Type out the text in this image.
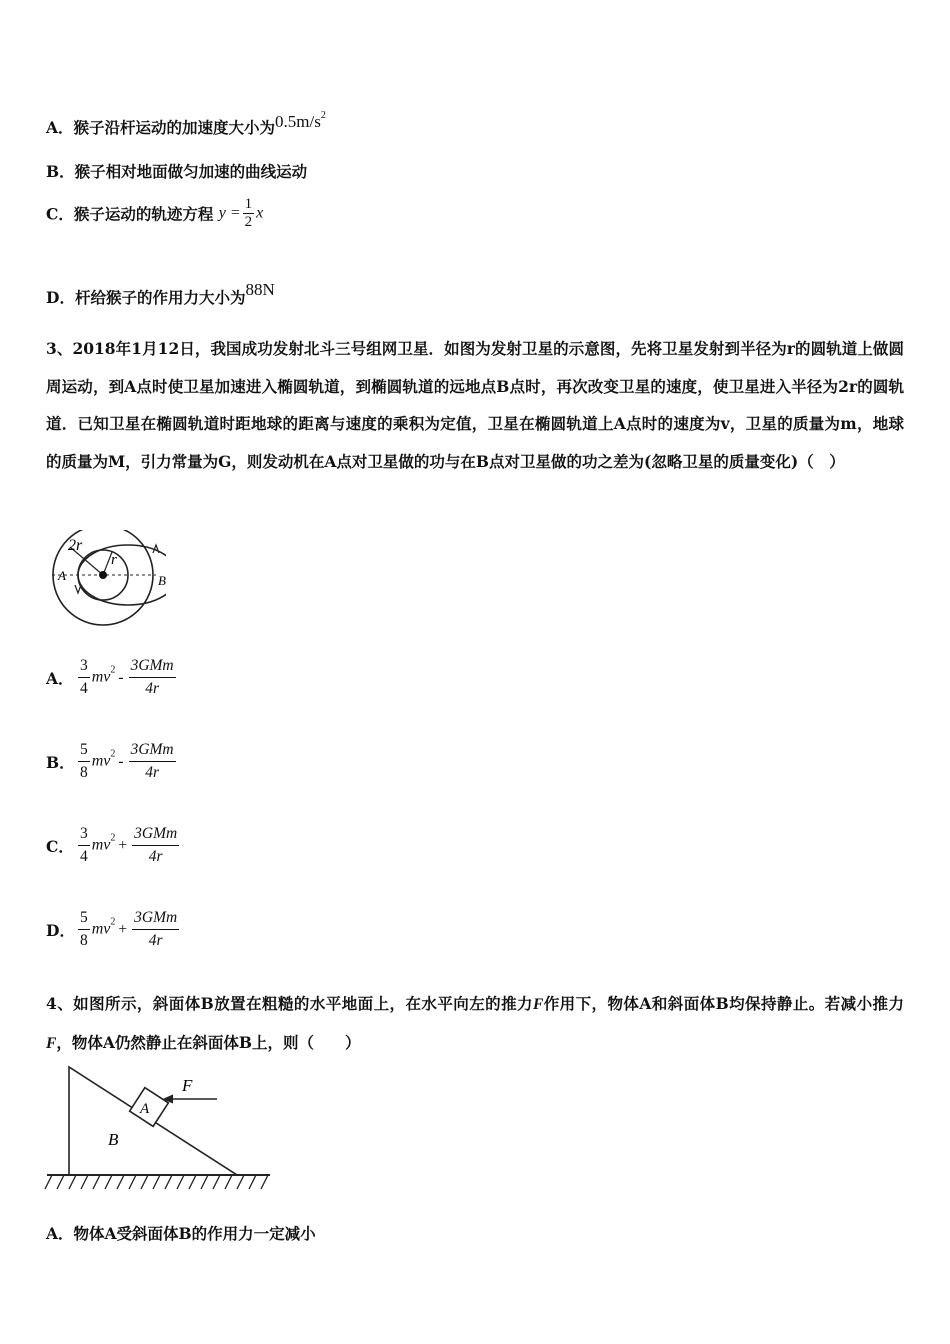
A．猴子沿杆运动的加速度大小为$0.5m/s^2$
B．猴子相对地面做匀加速的曲线运动
C．猴子运动的轨迹方程 $y = \frac{1}{2}$ x
D．杆给猴子的作用力大小为88N
3、2018年1月12日，我国成功发射北斗三号组网卫星．如图为发射卫星的示意图，先将卫星发射到半径为r的圆轨道上做圆周运动，到A点时使卫星加速进入椭圆轨道，到椭圆轨道的远地点B点时，再次改变卫星的速度，使卫星进入半径为2r的圆轨道．已知卫星在椭圆轨道时距地球的距离与速度的乘积为定值，卫星在椭圆轨道上A点时的速度为v，卫星的质量为m，地球的质量为M，引力常量为G，则发动机在A点对卫星做的功与在B点对卫星做的功之差为(忽略卫星的质量变化)（　）
2r
r
A	B
A． $\frac{3}{4} mv^2 - \frac{\text{3GMm}}{4r}$
B． $\frac{5}{8} mv^2 - \frac{\text{3GMm}}{4r}$
C． $\frac{3}{4} mv^2 + \frac{\text{3GMm}}{4r}$
D． $\frac{5}{8} mv^2 + \frac{\text{3GMm}}{4r}$
4、如图所示，斜面体B放置在粗糙的水平地面上，在水平向左的推力F作用下，物体A和斜面体B均保持静止。若减小推力F，物体A仍然静止在斜面体B上，则（　　）
F
A
B
A．物体A受斜面体B的作用力一定减小
